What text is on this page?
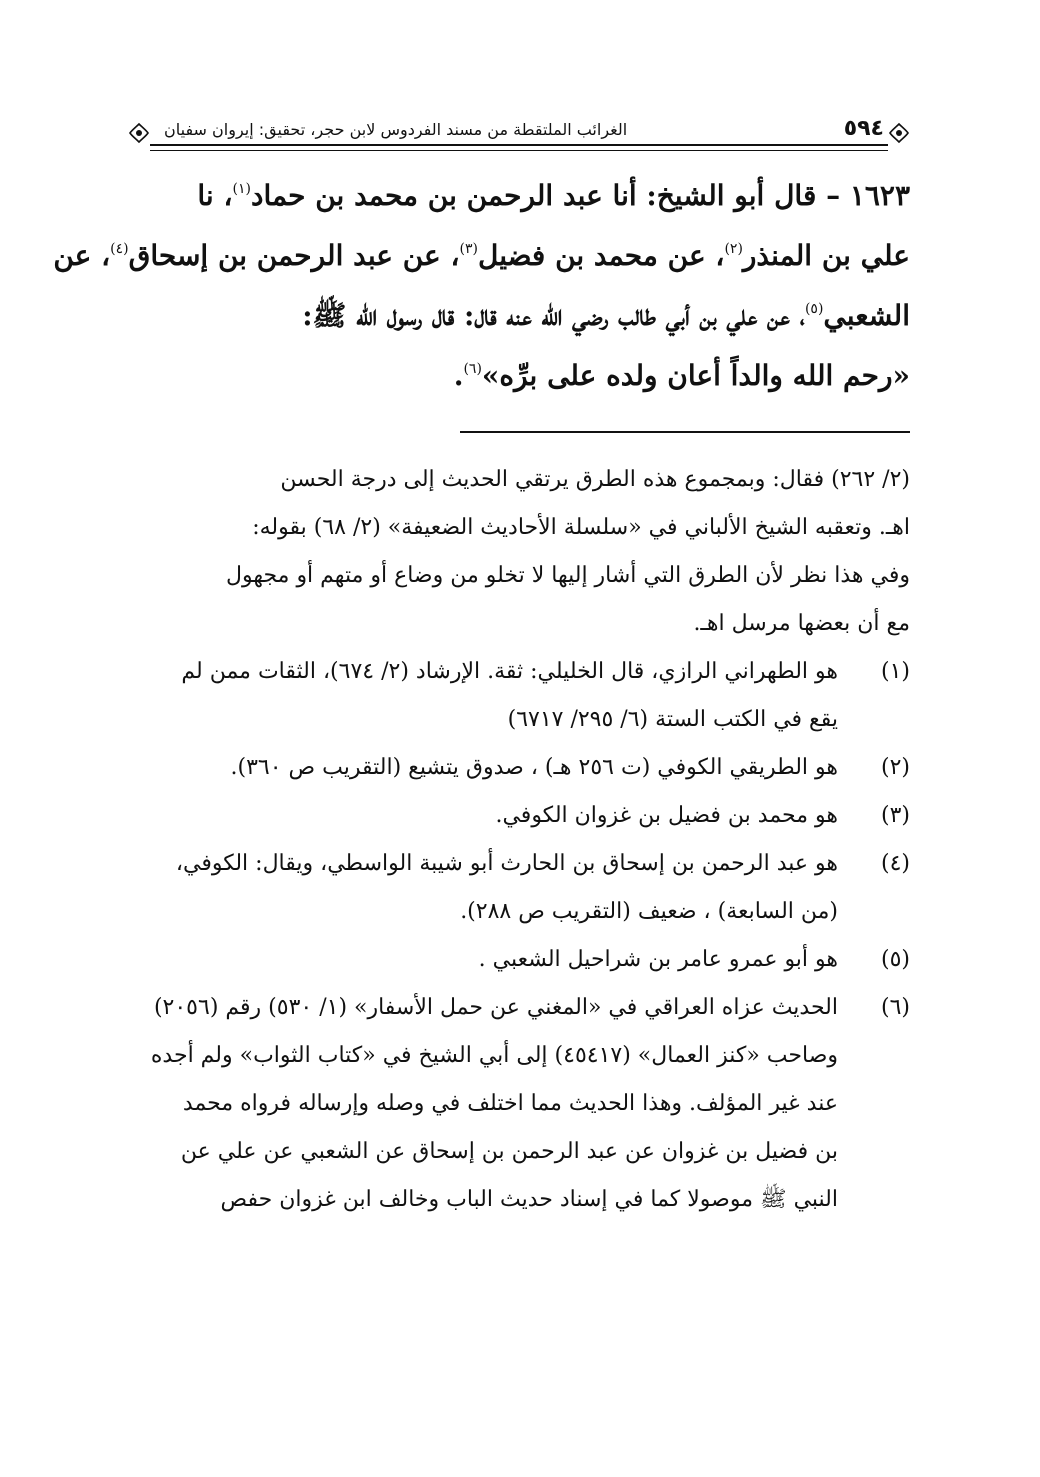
٥٩٤
الغرائب الملتقطة من مسند الفردوس لابن حجر، تحقيق: إيروان سفيان
١٦٢٣ – قال أبو الشيخ: أنا عبد الرحمن بن محمد بن حماد$^{(١)}$، نا
علي بن المنذر$^{(٢)}$، عن محمد بن فضيل$^{(٣)}$، عن عبد الرحمن بن إسحاق$^{(٤)}$، عن
الشعبي$^{(٥)}$، عن علي بن أبي طالب رضي الله عنه قال: قال رسول الله ﷺ:
«رحم الله والداً أعان ولده على برِّه»$^{(٦)}$.
(٢/ ٢٦٢) فقال: وبمجموع هذه الطرق يرتقي الحديث إلى درجة الحسن
اهـ. وتعقبه الشيخ الألباني في «سلسلة الأحاديث الضعيفة» (٢/ ٦٨) بقوله:
وفي هذا نظر لأن الطرق التي أشار إليها لا تخلو من وضاع أو متهم أو مجهول
مع أن بعضها مرسل اهـ.
(١)
هو الطهراني الرازي، قال الخليلي: ثقة. الإرشاد (٢/ ٦٧٤)، الثقات ممن لم
يقع في الكتب الستة (٦/ ٢٩٥/ ٦٧١٧)
(٢)
هو الطريقي الكوفي (ت ٢٥٦ هـ) ، صدوق يتشيع (التقريب ص ٣٦٠).
(٣)
هو محمد بن فضيل بن غزوان الكوفي.
(٤)
هو عبد الرحمن بن إسحاق بن الحارث أبو شيبة الواسطي، ويقال: الكوفي،
(من السابعة) ، ضعيف (التقريب ص ٢٨٨).
(٥)
هو أبو عمرو عامر بن شراحيل الشعبي .
(٦)
الحديث عزاه العراقي في «المغني عن حمل الأسفار» (١/ ٥٣٠) رقم (٢٠٥٦)
وصاحب «كنز العمال» (٤٥٤١٧) إلى أبي الشيخ في «كتاب الثواب» ولم أجده
عند غير المؤلف. وهذا الحديث مما اختلف في وصله وإرساله فرواه محمد
بن فضيل بن غزوان عن عبد الرحمن بن إسحاق عن الشعبي عن علي عن
النبي ﷺ موصولا كما في إسناد حديث الباب وخالف ابن غزوان حفص
